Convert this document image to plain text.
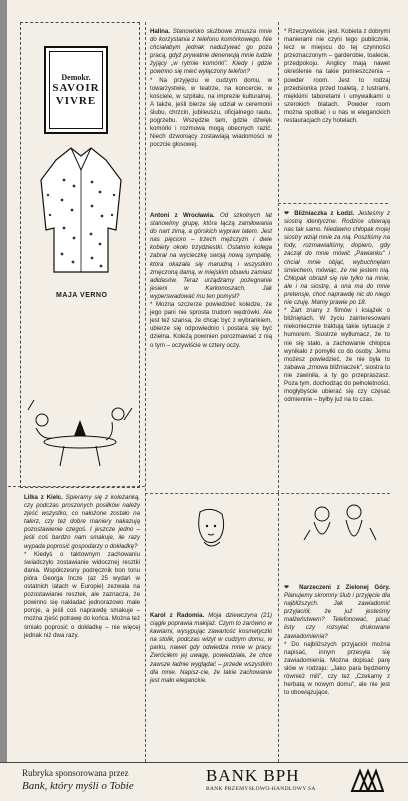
Demokr.
SAVOIR
VIVRE
MAJA VERNO
Halina. Stanowisko służbowe zmusza mnie do korzystania z telefonu komórkowego. Nie chciałabym jednak nadużywać go poza pracą, gdyż prywatnie denerwują mnie ludzie żyjący „w rytmie komórki". Kiedy i gdzie powinno się mieć wyłączony telefon?
* Na przyjęciu w cudzym domu, w towarzystwie, w teatrze, na koncercie, w kościele, w szpitalu, na imprezie kulturalnej. A także, jeśli bierze się udział w ceremonii ślubu, chrzcin, jubileuszu, oficjalnego rautu, pogrzebu. Wszędzie tam, gdzie dźwięk komórki i rozmowa mogą obecnych razić. Niech dzwoniący zostawiają wiadomości w poczcie głosowej.
Antoni z Wrocławia. Od szkolnych lat stanowimy grupę, która łączą zamiłowania do nart zimą, a górskich wypraw latem. Jest nas pięcioro – trzech mężczyzn i dwie kobiety około trzydziestki. Ostatnio kolega zabrał na wycieczkę swoją nową sympatię, która okazała się marudną i wszystkim zmęczoną damą, w miejskim obuwiu zamiast adidasów. Teraz urządzamy pożegnanie jesieni w Karkonoszach. Jak wyperswadować mu ten pomysł?
* Można szczerze powiedzieć koledze, że jego pani nie sprosta trudom wędrówki. Ale jest też szansa, że chcąc być z wybrankiem, ubierze się odpowiednio i postara się być dzielna. Koleżą powinien porozmawiać z nią o tym – oczywiście w cztery oczy.
* Rzeczywiście, jest. Kobieta z dobrymi manierami nie czyni tego publicznie, lecz w miejscu do tej czynności przeznaczonym – garderobie, toalecie, przedpokoju. Anglicy mają nawet określenie na takie pomieszczenia – powder room. Jest to rodzaj przedsionka przed toaletą, z lustrami, miękkimi taboretami i umywalkami o szerokich blatach. Powder room można spotkać i u nas w eleganckich restauracjach czy hotelach.
❤ Bliźniaczka z Łodzi. Jesteśmy z siostrą identyczne. Rodzice ubierają nas tak samo. Niedawno chłopak mojej siostry wziął mnie za nią. Poszliśmy na lody, rozmawialiśmy, dopiero, gdy zaczął do mnie mówić „Pawianku" i chciał mnie objąć, wybuchnęłam śmiechem, mówiąc, że nie jestem nią. Chłopak obraził się nie tylko na mnie, ale i na siostrę, a ona ma do mnie pretensje, choć naprawdę nic do niego nie czuję. Mamy prawie po 18.
* Żart znany z filmów i książek o bliźniętach. W życiu zainteresowani niekoniecznie traktują takie sytuacje z humorem. Siostrze wytłumacz, że to nie się stało, a zachowanie chłopca wynikało z pomyłki co do osoby. Jemu możesz powiedzieć, że nie była to zabawa „zmowa bliźniaczek", siostra tu nie zawiniła, a ty go przepraszasz. Poza tym, dochodząc do pełnoletności, mogłybyście ubierać się czy częsać odmiennie – byłby już na to czas.
Lilka z Kielc. Spieramy się z koleżanką, czy podczas proszonych posiłków należy zjeść wszystko, co nałożone zostało na talerz, czy też dobre maniery nakazują pozostawienie czegoś. I jeszcze jedno – jeśli coś bardzo nam smakuje, ile razy wypada poprosić gospodarzy o dokładkę?
* Kiedyś o taktownym zachowaniu świadczyło zostawianie widocznej resztki dania. Współczesny podręcznik bon tonu pióra Georga Incze (az 25 wydań w ostatnich latach w Europie) zezwala na pozostawianie resztek, ale zaznacza, że powinno się nakładać jednorazowo małe porcje, a jeśli coś naprawdę smakuje – można zjeść potrawę do końca. Można też śmiało poprosić o dokładkę – nie więcej jednak niż dwa razy.
Karol z Radomia. Moja dziewczyna (21) ciągle poprawia makijaż. Czym to zarówno w kawiarni, wysypując zawartość kosmetyczki na stolik, podczas wizyt w cudzym domu, w parku, nawet gdy odwiedza mnie w pracy. Zwróciłem jej uwagę, powiedziała, że chce zawsze ładnie wyglądać – przede wszystkim dla mnie. Napisz-cie, że takie zachowanie jest mało eleganckie.
❤ Narzeczeni z Zielonej Góry. Planujemy skromny ślub i przyjęcie dla najbliższych. Jak zawiadomić przyjaciół, że już jesteśmy małżeństwem? Telefonować, pisać listy czy rozsyłać drukowane zawiadomienia?
* Do najbliższych przyjaciół można napisać, innym przesyła się zawiadomienia. Można dopisać parę słów w rodzaju: „Jako para będziemy również mili", czy też „Czekamy z herbatą w nowym domu", ale nie jest to obowiązujące.
Rubryka sponsorowana przez
Bank, który myśli o Tobie
BANK BPH
BANK PRZEMYSŁOWO-HANDLOWY SA
